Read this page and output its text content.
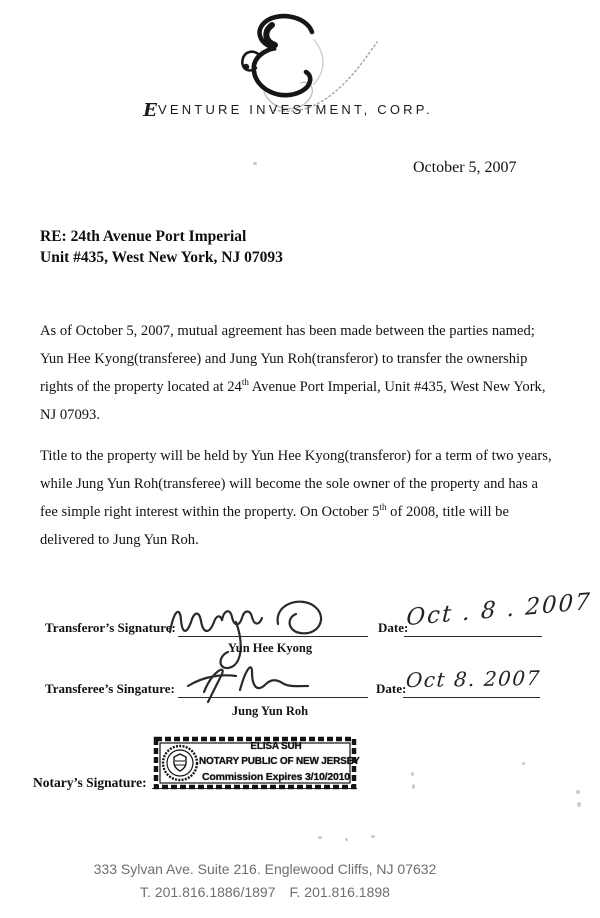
EVENTURE INVESTMENT, CORP.
October 5, 2007
RE: 24th Avenue Port Imperial
Unit #435, West New York, NJ 07093
As of October 5, 2007, mutual agreement has been made between the parties named;
Yun Hee Kyong(transferee) and Jung Yun Roh(transferor) to transfer the ownership
rights of the property located at 24th Avenue Port Imperial, Unit #435, West New York,
NJ 07093.
Title to the property will be held by Yun Hee Kyong(transferor) for a term of two years,
while Jung Yun Roh(transferee) will become the sole owner of the property and has a
fee simple right interest within the property. On October 5th of 2008, title will be
delivered to Jung Yun Roh.
Transferor’s Signature:
Yun Hee Kyong
Date:
Oct . 8 . 2007
Transferee’s Singature:
Jung Yun Roh
Date:
Oct 8. 2007
Notary’s Signature:
ELISA SUH
NOTARY PUBLIC OF NEW JERSEY
Commission Expires 3/10/2010
333 Sylvan Ave. Suite 216. Englewood Cliffs, NJ 07632
T. 201.816.1886/1897 F. 201.816.1898
